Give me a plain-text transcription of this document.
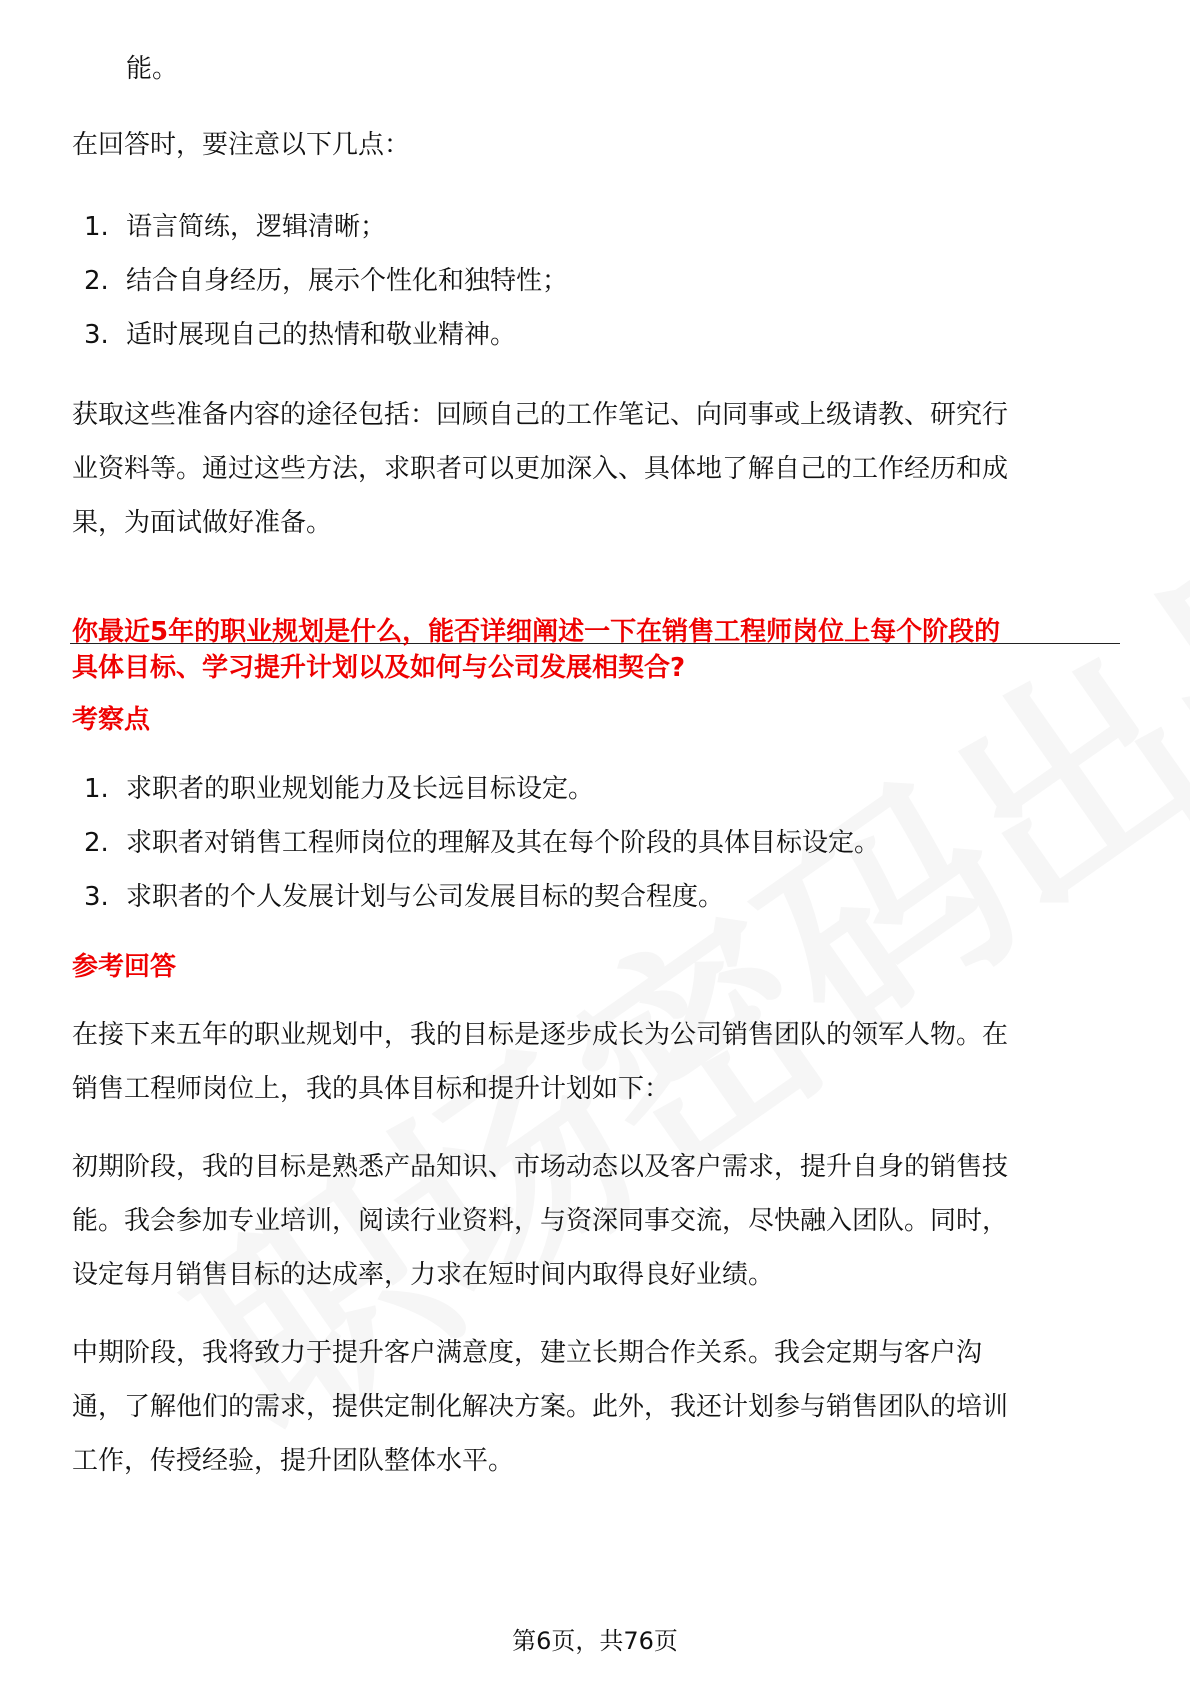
能。
在回答时，要注意以下几点：
1. 语言简练，逻辑清晰；
2. 结合自身经历，展示个性化和独特性；
3. 适时展现自己的热情和敬业精神。
获取这些准备内容的途径包括：回顾自己的工作笔记、向同事或上级请教、研究行
业资料等。通过这些方法，求职者可以更加深入、具体地了解自己的工作经历和成
果，为面试做好准备。
你最近5年的职业规划是什么，能否详细阐述一下在销售工程师岗位上每个阶段的
具体目标、学习提升计划以及如何与公司发展相契合?
考察点
1. 求职者的职业规划能力及长远目标设定。
2. 求职者对销售工程师岗位的理解及其在每个阶段的具体目标设定。
3. 求职者的个人发展计划与公司发展目标的契合程度。
参考回答
在接下来五年的职业规划中，我的目标是逐步成长为公司销售团队的领军人物。在
销售工程师岗位上，我的具体目标和提升计划如下：
初期阶段，我的目标是熟悉产品知识、市场动态以及客户需求，提升自身的销售技
能。我会参加专业培训，阅读行业资料，与资深同事交流，尽快融入团队。同时，
设定每月销售目标的达成率，力求在短时间内取得良好业绩。
中期阶段，我将致力于提升客户满意度，建立长期合作关系。我会定期与客户沟
通，了解他们的需求，提供定制化解决方案。此外，我还计划参与销售团队的培训
工作，传授经验，提升团队整体水平。
第6页，共76页
